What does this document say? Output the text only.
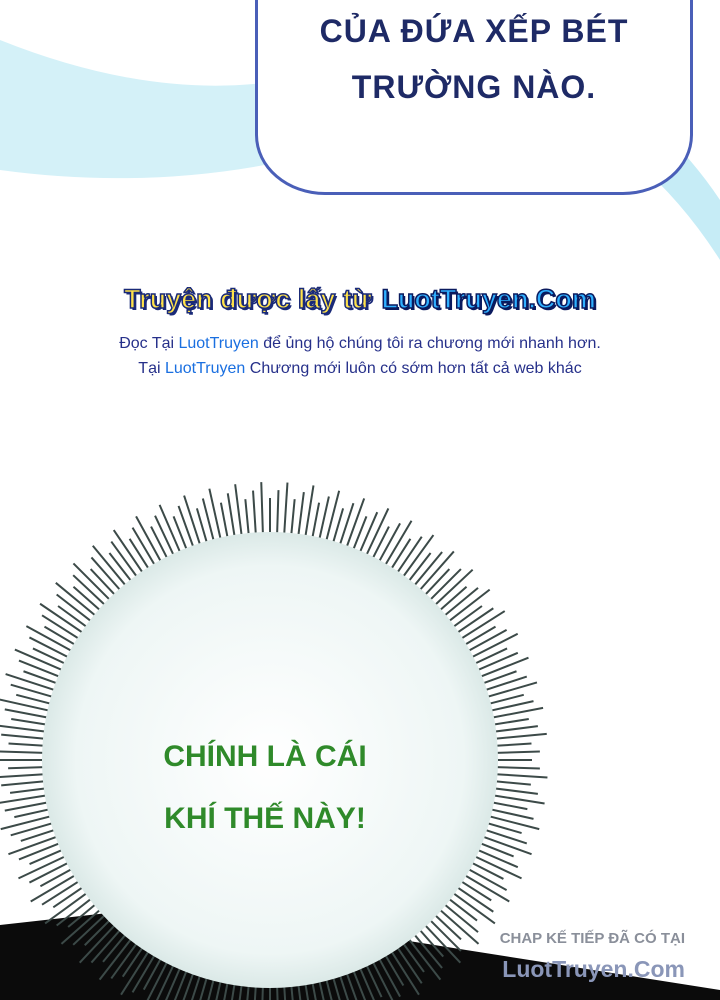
CỦA ĐỨA XẾP BÉT
TRƯỜNG NÀO.
Truyện được lấy từ LuotTruyen.Com
Đọc Tại LuotTruyen để ủng hộ chúng tôi ra chương mới nhanh hơn.
Tại LuotTruyen Chương mới luôn có sớm hơn tất cả web khác
CHÍNH LÀ CÁI
KHÍ THẾ NÀY!
CHAP KẾ TIẾP ĐÃ CÓ TẠI
LuotTruyen.Com
